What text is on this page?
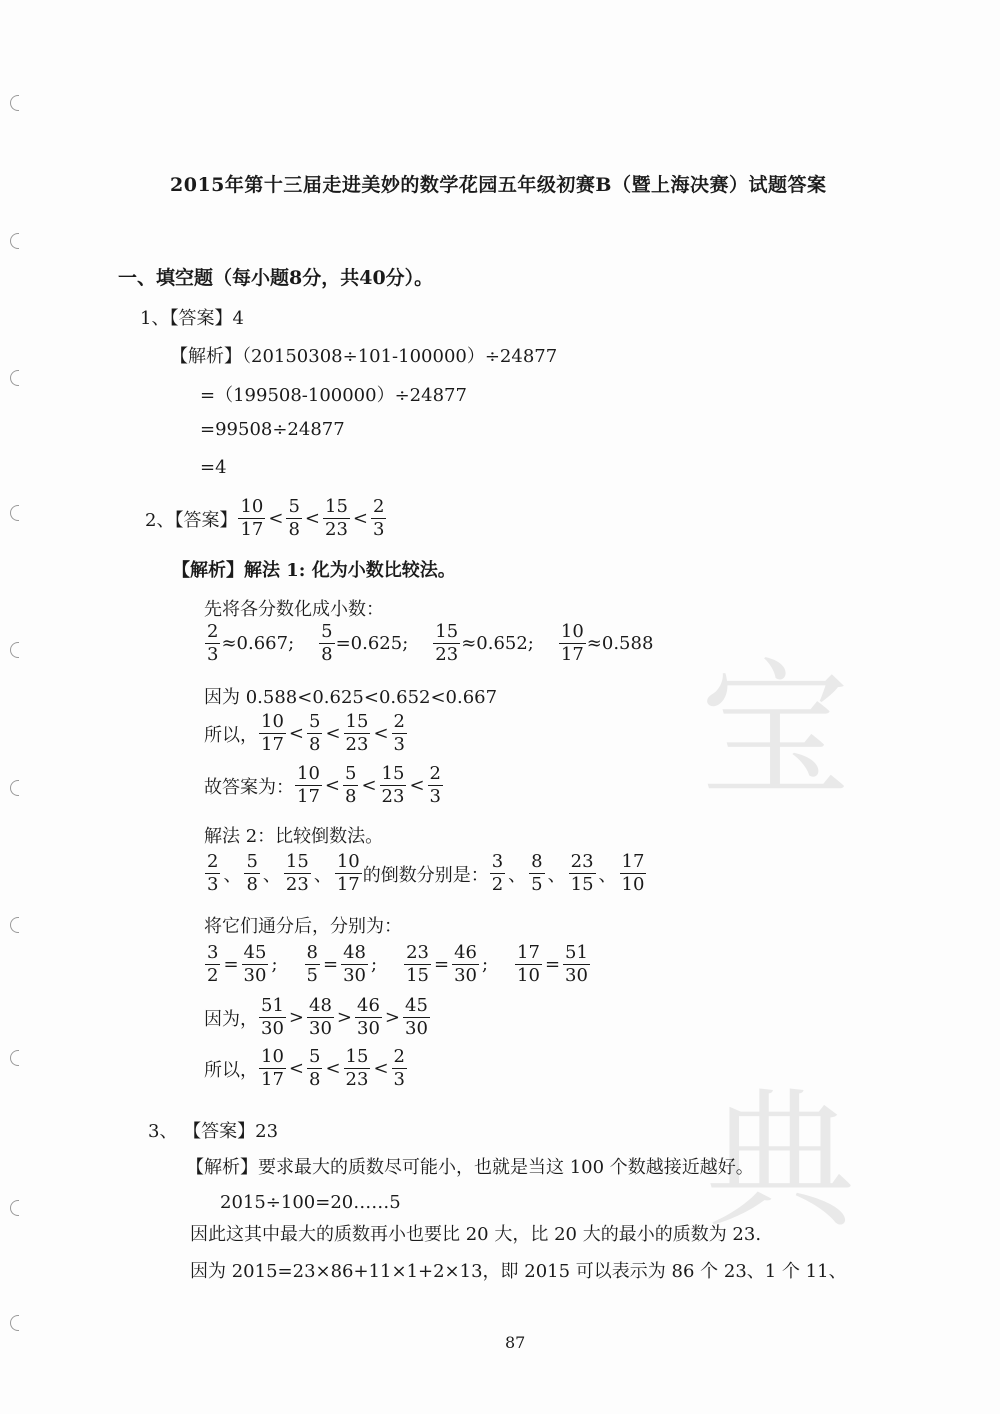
宝
典
2015年第十三届走进美妙的数学花园五年级初赛B（暨上海决赛）试题答案
一、填空题（每小题8分，共40分）。
1、【答案】4
【解析】（20150308÷101-100000）÷24877
=（199508-100000）÷24877
=99508÷24877
=4
2、【答案】 $\frac{10}{17} < \frac{5}{8} < \frac{15}{23} < \frac{2}{3}$
【解析】解法 1: 化为小数比较法。
先将各分数化成小数：
$\frac{2}{3} \approx 0.667$; $\frac{5}{8} =0.625$; $\frac{15}{23} \approx 0.652$; $\frac{10}{17} \approx 0.588$
因为 0.588<0.625<0.652<0.667
所以， $\frac{10}{17} < \frac{5}{8} < \frac{15}{23} < \frac{2}{3}$
故答案为： $\frac{10}{17} < \frac{5}{8} < \frac{15}{23} < \frac{2}{3}$
解法 2：比较倒数法。
$\frac{2}{3}$ 、 $\frac{5}{8}$ 、 $\frac{15}{23}$ 、 $\frac{10}{17}$ 的倒数分别是： $\frac{3}{2}$ 、 $\frac{8}{5}$ 、 $\frac{23}{15}$ 、 $\frac{17}{10}$
将它们通分后，分别为：
$\frac{3}{2} = \frac{45}{30}$ ; $\frac{8}{5} = \frac{48}{30}$ ; $\frac{23}{15} = \frac{46}{30}$ ; $\frac{17}{10} = \frac{51}{30}$
因为， $\frac{51}{30} > \frac{48}{30} > \frac{46}{30} > \frac{45}{30}$
所以， $\frac{10}{17} < \frac{5}{8} < \frac{15}{23} < \frac{2}{3}$
3、 【答案】23
【解析】要求最大的质数尽可能小，也就是当这 100 个数越接近越好。
2015÷100=20……5
因此这其中最大的质数再小也要比 20 大，比 20 大的最小的质数为 23.
因为 2015=23×86+11×1+2×13，即 2015 可以表示为 86 个 23、1 个 11、
87
